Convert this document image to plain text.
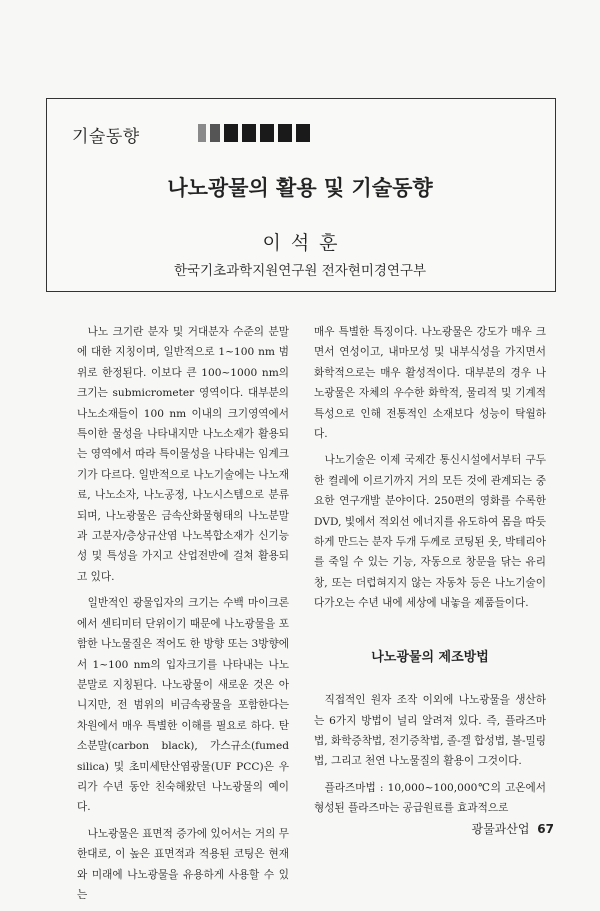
기술동향
나노광물의 활용 및 기술동향
이석훈
한국기초과학지원연구원 전자현미경연구부

나노 크기란 분자 및 거대분자 수준의 분말에 대한 지칭이며, 일반적으로 1~100 nm 범위로 한정된다. 이보다 큰 100~1000 nm의 크기는 submicrometer 영역이다. 대부분의 나노소재들이 100 nm 이내의 크기영역에서 특이한 물성을 나타내지만 나노소재가 활용되는 영역에서 따라 특이물성을 나타내는 임계크기가 다르다. 일반적으로 나노기술에는 나노재료, 나노소자, 나노공정, 나노시스템으로 분류되며, 나노광물은 금속산화물형태의 나노분말과 고분자/층상규산염 나노복합소재가 신기능성 및 특성을 가지고 산업전반에 걸쳐 활용되고 있다.

일반적인 광물입자의 크기는 수백 마이크론에서 센티미터 단위이기 때문에 나노광물을 포함한 나노물질은 적어도 한 방향 또는 3방향에서 1~100 nm의 입자크기를 나타내는 나노분말로 지칭된다. 나노광물이 새로운 것은 아니지만, 전 범위의 비금속광물을 포함한다는 차원에서 매우 특별한 이해를 필요로 하다. 탄소분말(carbon black), 가스규소(fumed silica) 및 초미세탄산염광물(UF PCC)은 우리가 수년 동안 친숙해왔던 나노광물의 예이다.

나노광물은 표면적 증가에 있어서는 거의 무한대로, 이 높은 표면적과 적용된 코팅은 현재와 미래에 나노광물을 유용하게 사용할 수 있는

매우 특별한 특징이다. 나노광물은 강도가 매우 크면서 연성이고, 내마모성 및 내부식성을 가지면서 화학적으로는 매우 활성적이다. 대부분의 경우 나노광물은 자체의 우수한 화학적, 물리적 및 기계적 특성으로 인해 전통적인 소재보다 성능이 탁월하다.

나노기술은 이제 국제간 통신시설에서부터 구두 한 켤레에 이르기까지 거의 모든 것에 관계되는 중요한 연구개발 분야이다. 250편의 영화를 수록한 DVD, 빛에서 적외선 에너지를 유도하여 몸을 따듯하게 만드는 분자 두개 두께로 코팅된 옷, 박테리아를 죽일 수 있는 기능, 자동으로 창문을 닦는 유리창, 또는 더럽혀지지 않는 자동차 등은 나노기술이 다가오는 수년 내에 세상에 내놓을 제품들이다.

나노광물의 제조방법

직접적인 원자 조작 이외에 나노광물을 생산하는 6가지 방법이 널리 알려져 있다. 즉, 플라즈마법, 화학증착법, 전기증착법, 졸-겔 합성법, 볼-밀링법, 그리고 천연 나노물질의 활용이 그것이다.

플라즈마법 : 10,000~100,000℃의 고온에서 형성된 플라즈마는 공급원료를 효과적으로

광물과산업 67
